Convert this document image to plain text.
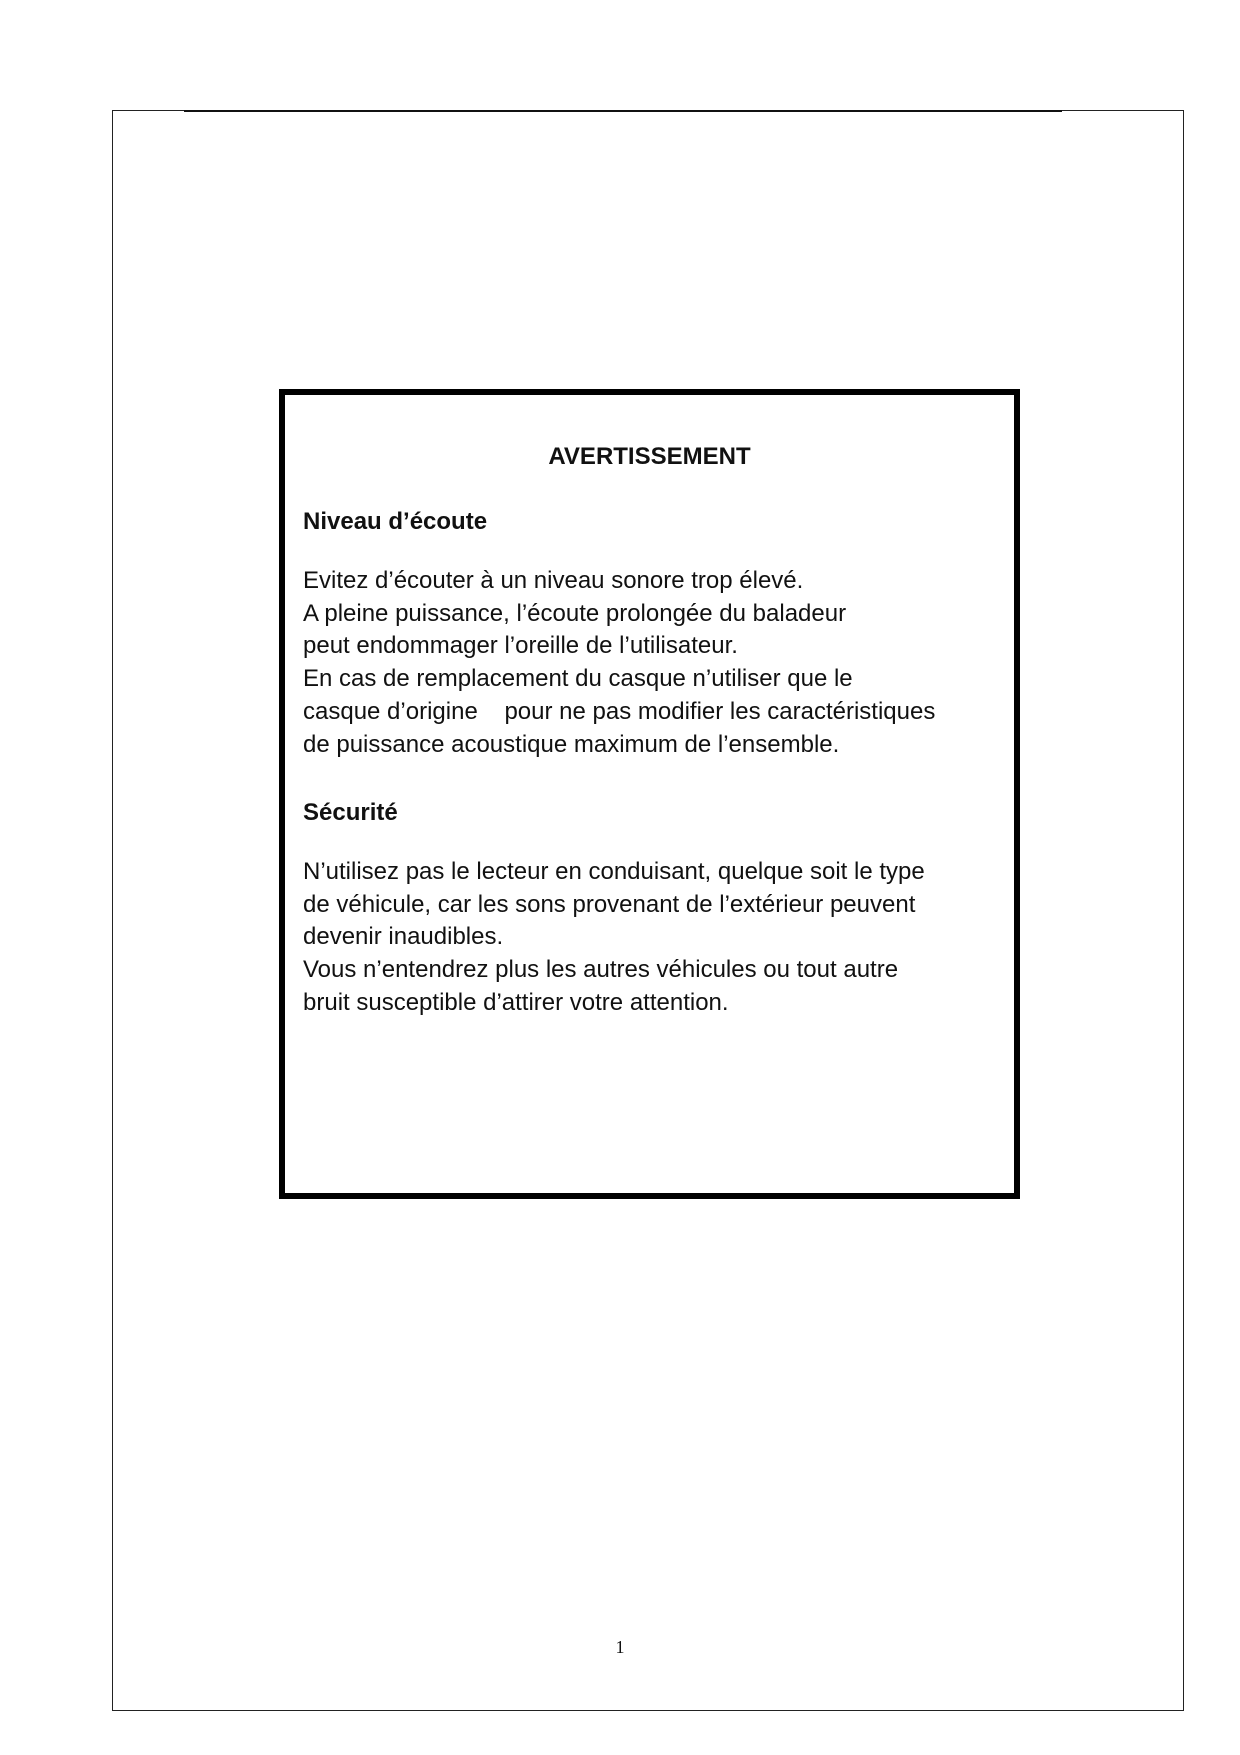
AVERTISSEMENT
Niveau d’écoute
Evitez d’écouter à un niveau sonore trop élevé.
A pleine puissance, l’écoute prolongée du baladeur
peut endommager l’oreille de l’utilisateur.
En cas de remplacement du casque n’utiliser que le
casque d’origine    pour ne pas modifier les caractéristiques
de puissance acoustique maximum de l’ensemble.
Sécurité
N’utilisez pas le lecteur en conduisant, quelque soit le type
de véhicule, car les sons provenant de l’extérieur peuvent
devenir inaudibles.
Vous n’entendrez plus les autres véhicules ou tout autre
bruit susceptible d’attirer votre attention.
1
